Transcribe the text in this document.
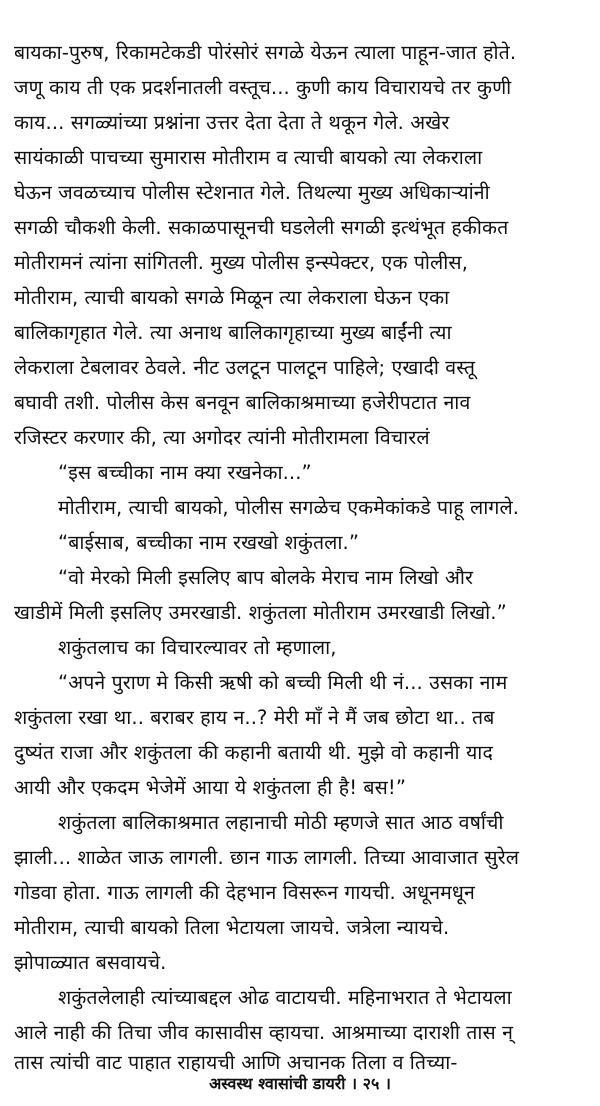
बायका-पुरुष, रिकामटेकडी पोरंसोरं सगळे येऊन त्याला पाहून-जात होते.
जणू काय ती एक प्रदर्शनातली वस्तूच... कुणी काय विचारायचे तर कुणी
काय... सगळ्यांच्या प्रश्नांना उत्तर देता देता ते थकून गेले. अखेर
सायंकाळी पाचच्या सुमारास मोतीराम व त्याची बायको त्या लेकराला
घेऊन जवळच्याच पोलीस स्टेशनात गेले. तिथल्या मुख्य अधिकाऱ्यांनी
सगळी चौकशी केली. सकाळपासूनची घडलेली सगळी इत्थंभूत हकीकत
मोतीरामनं त्यांना सांगितली. मुख्य पोलीस इन्स्पेक्टर, एक पोलीस,
मोतीराम, त्याची बायको सगळे मिळून त्या लेकराला घेऊन एका
बालिकागृहात गेले. त्या अनाथ बालिकागृहाच्या मुख्य बाईंनी त्या
लेकराला टेबलावर ठेवले. नीट उलटून पालटून पाहिले; एखादी वस्तू
बघावी तशी. पोलीस केस बनवून बालिकाश्रमाच्या हजेरीपटात नाव
रजिस्टर करणार की, त्या अगोदर त्यांनी मोतीरामला विचारलं
“इस बच्चीका नाम क्या रखनेका...”
मोतीराम, त्याची बायको, पोलीस सगळेच एकमेकांकडे पाहू लागले.
“बाईसाब, बच्चीका नाम रखखो शकुंतला.”
“वो मेरको मिली इसलिए बाप बोलके मेराच नाम लिखो और
खाडीमें मिली इसलिए उमरखाडी. शकुंतला मोतीराम उमरखाडी लिखो.”
शकुंतलाच का विचारल्यावर तो म्हणाला,
“अपने पुराण मे किसी ऋषी को बच्ची मिली थी नं... उसका नाम
शकुंतला रखा था.. बराबर हाय न..? मेरी माँ ने मैं जब छोटा था.. तब
दुष्यंत राजा और शकुंतला की कहानी बतायी थी. मुझे वो कहानी याद
आयी और एकदम भेजेमें आया ये शकुंतला ही है! बस!”
शकुंतला बालिकाश्रमात लहानाची मोठी म्हणजे सात आठ वर्षांची
झाली... शाळेत जाऊ लागली. छान गाऊ लागली. तिच्या आवाजात सुरेल
गोडवा होता. गाऊ लागली की देहभान विसरून गायची. अधूनमधून
मोतीराम, त्याची बायको तिला भेटायला जायचे. जत्रेला न्यायचे.
झोपाळ्यात बसवायचे.
शकुंतलेलाही त्यांच्याबद्दल ओढ वाटायची. महिनाभरात ते भेटायला
आले नाही की तिचा जीव कासावीस व्हायचा. आश्रमाच्या दाराशी तास न्
तास त्यांची वाट पाहात राहायची आणि अचानक तिला व तिच्या-
अस्वस्थ श्वासांची डायरी । २५ ।
